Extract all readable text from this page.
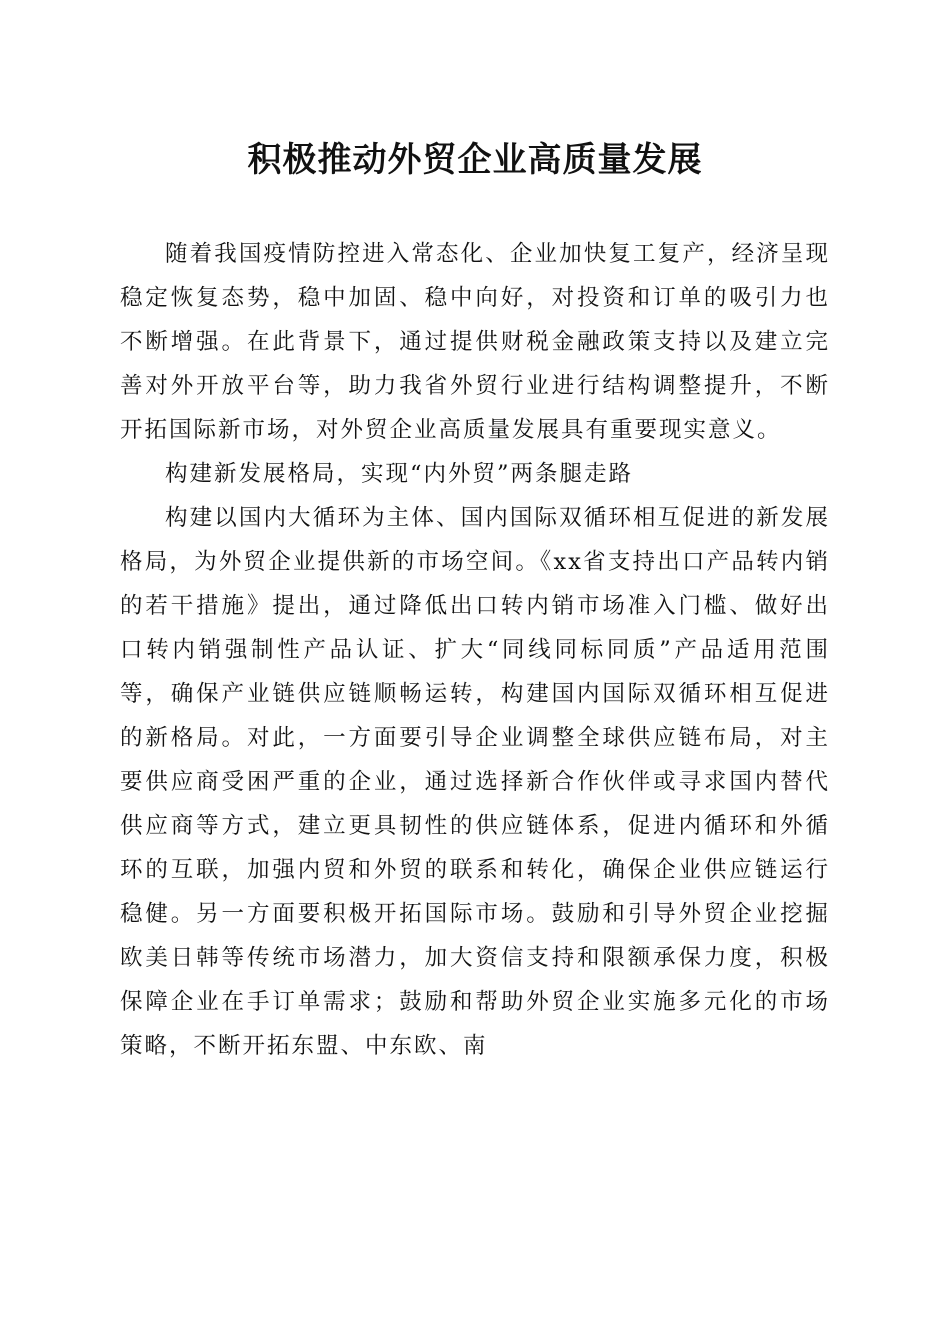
积极推动外贸企业高质量发展

随着我国疫情防控进入常态化、企业加快复工复产，经济呈现稳定恢复态势，稳中加固、稳中向好，对投资和订单的吸引力也不断增强。在此背景下，通过提供财税金融政策支持以及建立完善对外开放平台等，助力我省外贸行业进行结构调整提升，不断开拓国际新市场，对外贸企业高质量发展具有重要现实意义。

构建新发展格局，实现“内外贸”两条腿走路

构建以国内大循环为主体、国内国际双循环相互促进的新发展格局，为外贸企业提供新的市场空间。《xx省支持出口产品转内销的若干措施》提出，通过降低出口转内销市场准入门槛、做好出口转内销强制性产品认证、扩大“同线同标同质”产品适用范围等，确保产业链供应链顺畅运转，构建国内国际双循环相互促进的新格局。对此，一方面要引导企业调整全球供应链布局，对主要供应商受困严重的企业，通过选择新合作伙伴或寻求国内替代供应商等方式，建立更具韧性的供应链体系，促进内循环和外循环的互联，加强内贸和外贸的联系和转化，确保企业供应链运行稳健。另一方面要积极开拓国际市场。鼓励和引导外贸企业挖掘欧美日韩等传统市场潜力，加大资信支持和限额承保力度，积极保障企业在手订单需求；鼓励和帮助外贸企业实施多元化的市场策略，不断开拓东盟、中东欧、南
